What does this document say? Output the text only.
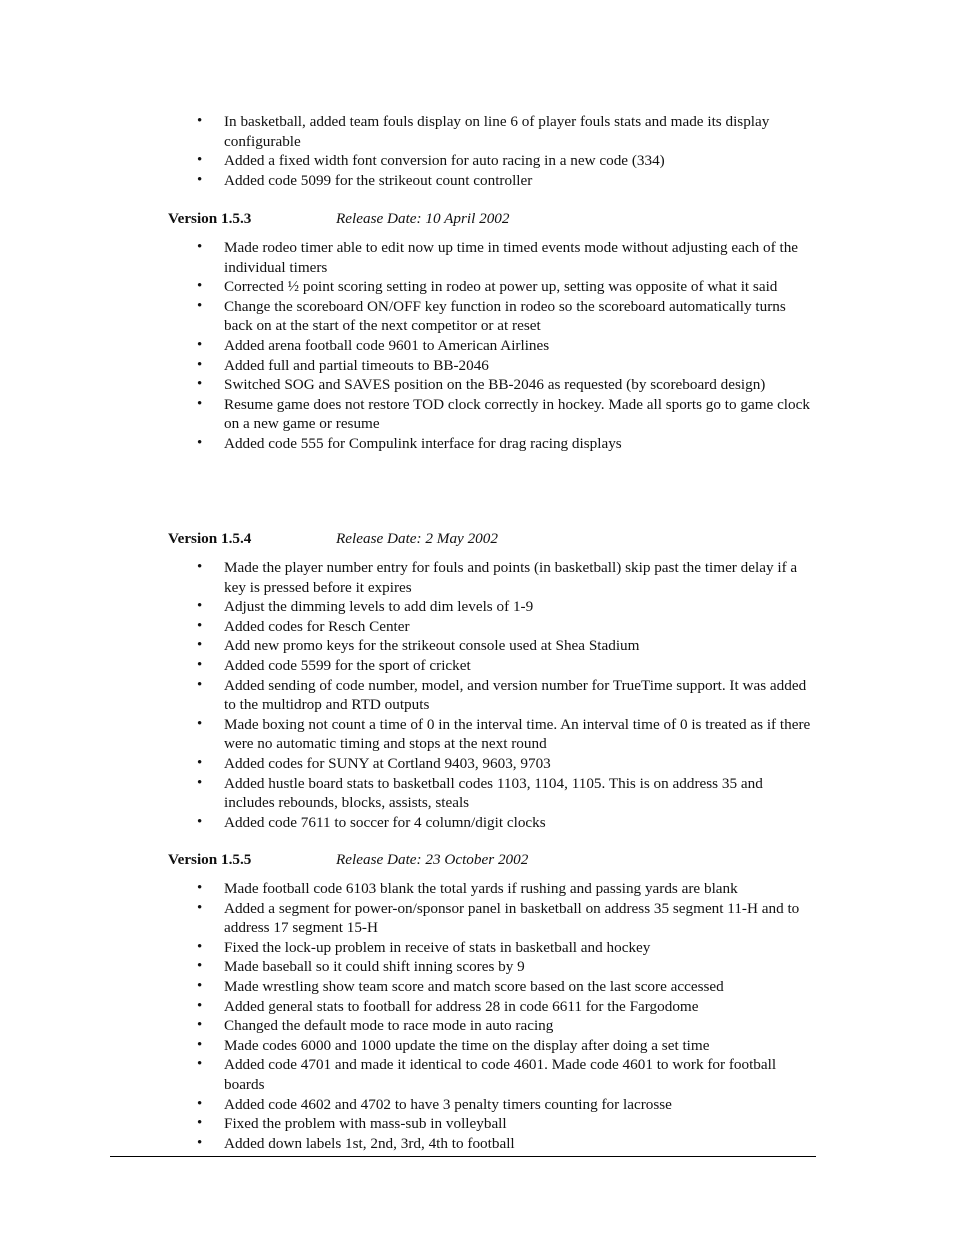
• In basketball, added team fouls display on line 6 of player fouls stats and made its display configurable
• Added a fixed width font conversion for auto racing in a new code (334)
• Added code 5099 for the strikeout count controller
Version 1.5.3	Release Date: 10 April 2002
• Made rodeo timer able to edit now up time in timed events mode without adjusting each of the individual timers
• Corrected ½ point scoring setting in rodeo at power up, setting was opposite of what it said
• Change the scoreboard ON/OFF key function in rodeo so the scoreboard automatically turns back on at the start of the next competitor or at reset
• Added arena football code 9601 to American Airlines
• Added full and partial timeouts to BB-2046
• Switched SOG and SAVES position on the BB-2046 as requested (by scoreboard design)
• Resume game does not restore TOD clock correctly in hockey. Made all sports go to game clock on a new game or resume
• Added code 555 for Compulink interface for drag racing displays
Version 1.5.4	Release Date: 2 May 2002
• Made the player number entry for fouls and points (in basketball) skip past the timer delay if a key is pressed before it expires
• Adjust the dimming levels to add dim levels of 1-9
• Added codes for Resch Center
• Add new promo keys for the strikeout console used at Shea Stadium
• Added code 5599 for the sport of cricket
• Added sending of code number, model, and version number for TrueTime support. It was added to the multidrop and RTD outputs
• Made boxing not count a time of 0 in the interval time. An interval time of 0 is treated as if there were no automatic timing and stops at the next round
• Added codes for SUNY at Cortland 9403, 9603, 9703
• Added hustle board stats to basketball codes 1103, 1104, 1105. This is on address 35 and includes rebounds, blocks, assists, steals
• Added code 7611 to soccer for 4 column/digit clocks
Version 1.5.5	Release Date: 23 October 2002
• Made football code 6103 blank the total yards if rushing and passing yards are blank
• Added a segment for power-on/sponsor panel in basketball on address 35 segment 11-H and to address 17 segment 15-H
• Fixed the lock-up problem in receive of stats in basketball and hockey
• Made baseball so it could shift inning scores by 9
• Made wrestling show team score and match score based on the last score accessed
• Added general stats to football for address 28 in code 6611 for the Fargodome
• Changed the default mode to race mode in auto racing
• Made codes 6000 and 1000 update the time on the display after doing a set time
• Added code 4701 and made it identical to code 4601. Made code 4601 to work for football boards
• Added code 4602 and 4702 to have 3 penalty timers counting for lacrosse
• Fixed the problem with mass-sub in volleyball
• Added down labels 1st, 2nd, 3rd, 4th to football
